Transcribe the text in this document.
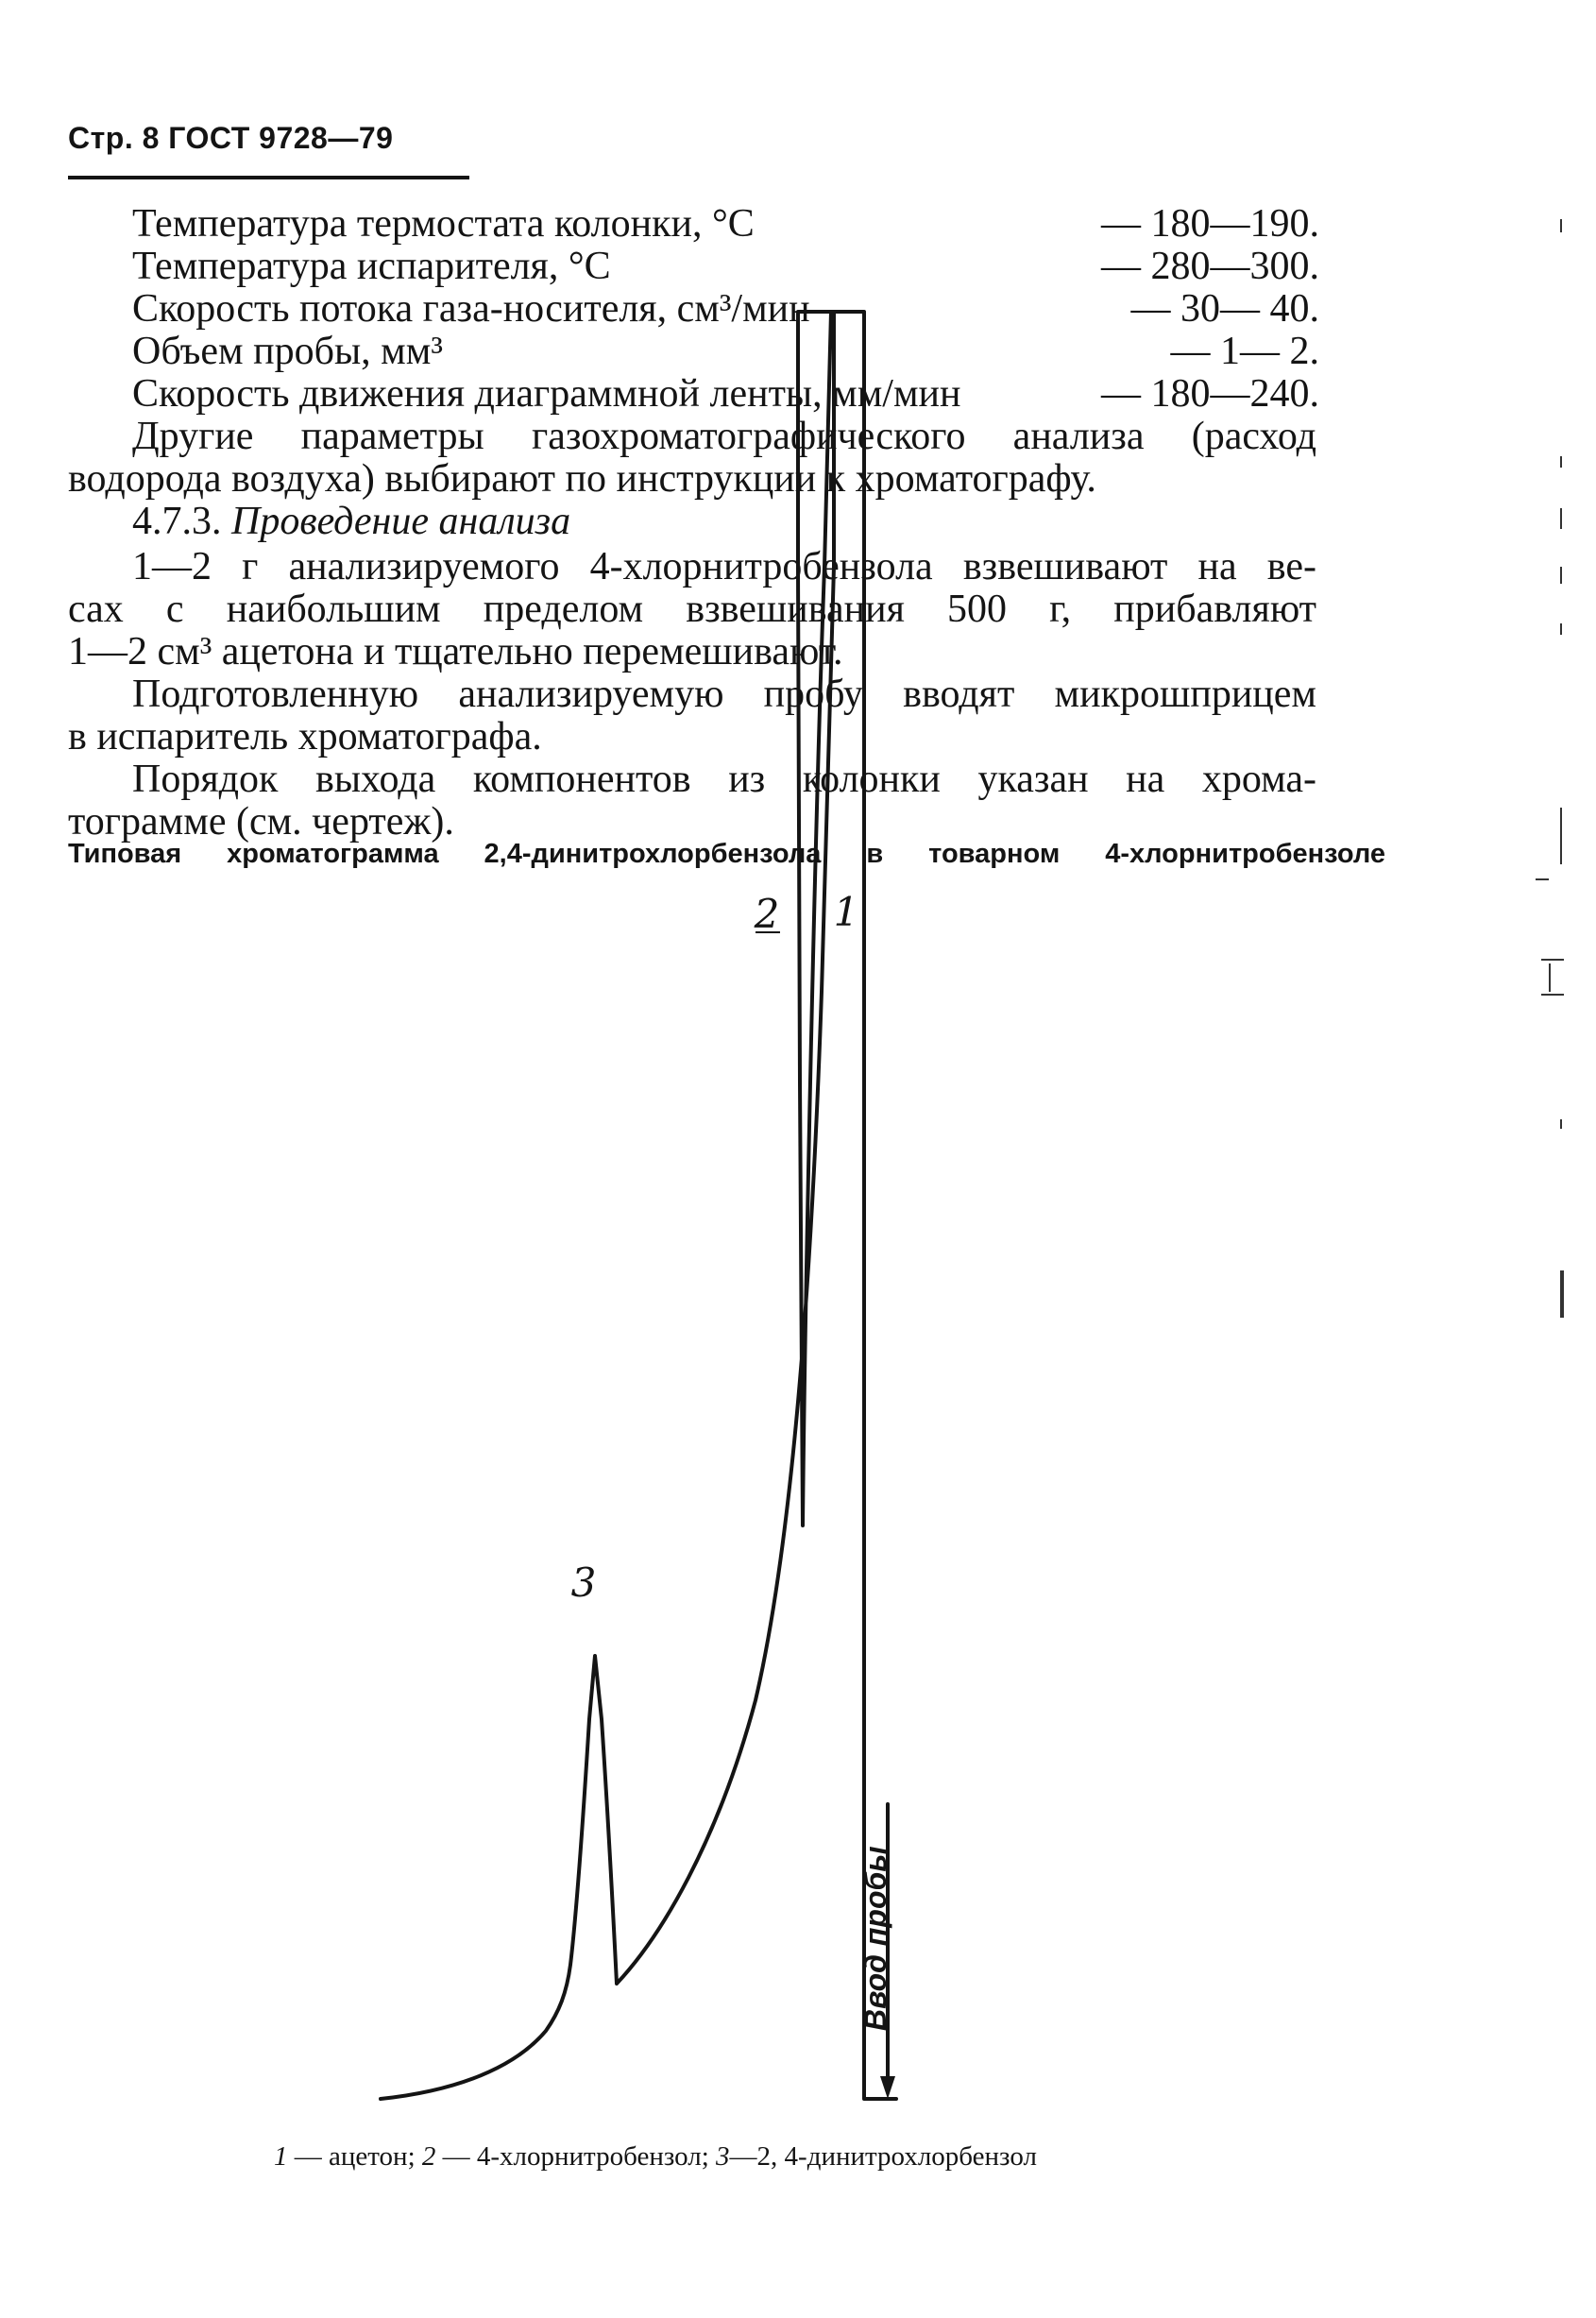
Стр. 8 ГОСТ 9728—79
Температура термостата колонки, °C	— 180—190.
Температура испарителя, °C	— 280—300.
Скорость потока газа-носителя, см³/мин	— 30— 40.
Объем пробы, мм³	— 1— 2.
Скорость движения диаграммной ленты, мм/мин	— 180—240.
Другие параметры газохроматографического анализа (расход
водорода воздуха) выбирают по инструкции к хроматографу.
4.7.3. Проведение анализа
1—2 г анализируемого 4-хлорнитробензола взвешивают на ве-
сах с наибольшим пределом взвешивания 500 г, прибавляют
1—2 см³ ацетона и тщательно перемешивают.
Подготовленную анализируемую пробу вводят микрошприцем
в испаритель хроматографа.
Порядок выхода компонентов из колонки указан на хрома-
тограмме (см. чертеж).
Типовая хроматограмма 2,4-динитрохлорбензола в товарном 4-хлорнитробензоле
2 1
3
Ввод пробы
1 — ацетон; 2 — 4-хлорнитробензол; 3—2, 4-динитрохлорбензол
